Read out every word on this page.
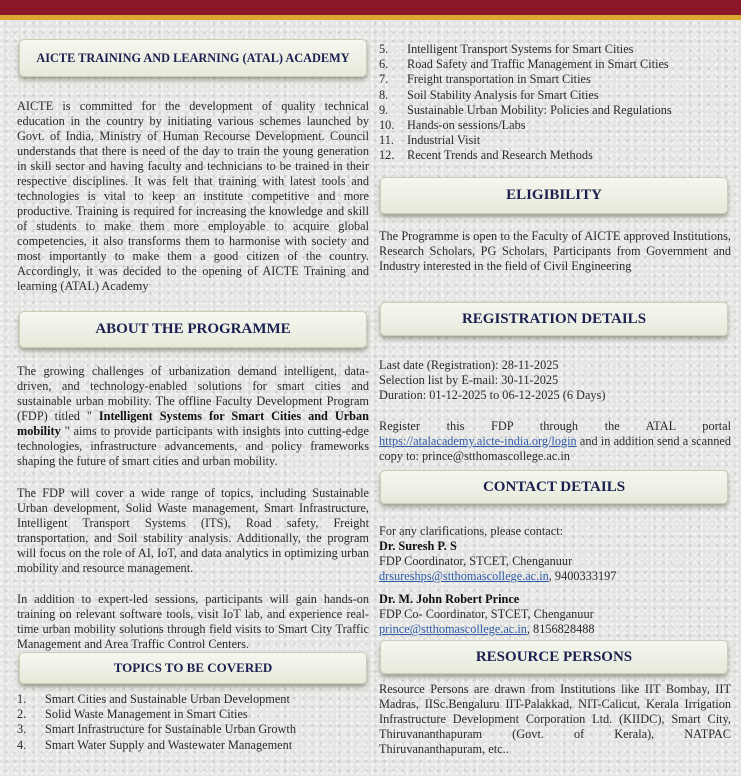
AICTE TRAINING AND LEARNING (ATAL) ACADEMY

AICTE is committed for the development of quality technical education in the country by initiating various schemes launched by Govt. of India, Ministry of Human Recourse Development. Council understands that there is need of the day to train the young generation in skill sector and having faculty and technicians to be trained in their respective disciplines. It was felt that training with latest tools and technologies is vital to keep an institute competitive and more productive. Training is required for increasing the knowledge and skill of students to make them more employable to acquire global competencies, it also transforms them to harmonise with society and most importantly to make them a good citizen of the country. Accordingly, it was decided to the opening of AICTE Training and learning (ATAL) Academy

ABOUT THE PROGRAMME

The growing challenges of urbanization demand intelligent, data-driven, and technology-enabled solutions for smart cities and sustainable urban mobility. The offline Faculty Development Program (FDP) titled " Intelligent Systems for Smart Cities and Urban mobility " aims to provide participants with insights into cutting-edge technologies, infrastructure advancements, and policy frameworks shaping the future of smart cities and urban mobility.

The FDP will cover a wide range of topics, including Sustainable Urban development, Solid Waste management, Smart Infrastructure, Intelligent Transport Systems (ITS), Road safety, Freight transportation, and Soil stability analysis. Additionally, the program will focus on the role of AI, IoT, and data analytics in optimizing urban mobility and resource management.

In addition to expert-led sessions, participants will gain hands-on training on relevant software tools, visit IoT lab, and experience real-time urban mobility solutions through field visits to Smart City Traffic Management and Area Traffic Control Centers.

TOPICS TO BE COVERED
1.	Smart Cities and Sustainable Urban Development
2.	Solid Waste Management in Smart Cities
3.	Smart Infrastructure for Sustainable Urban Growth
4.	Smart Water Supply and Wastewater Management
5.	Intelligent Transport Systems for Smart Cities
6.	Road Safety and Traffic Management in Smart Cities
7.	Freight transportation in Smart Cities
8.	Soil Stability Analysis for Smart Cities
9.	Sustainable Urban Mobility: Policies and Regulations
10.	Hands-on sessions/Labs
11.	Industrial Visit
12.	Recent Trends and Research Methods
ELIGIBILITY

The Programme is open to the Faculty of AICTE approved Institutions, Research Scholars, PG Scholars, Participants from Government and Industry interested in the field of Civil Engineering

REGISTRATION DETAILS
Last date (Registration): 28-11-2025
Selection list by E-mail: 30-11-2025
Duration: 01-12-2025 to 06-12-2025 (6 Days)

Register this FDP through the ATAL portal
https://atalacademy.aicte-india.org/login and in addition send a scanned copy to: prince@stthomascollege.ac.in

CONTACT DETAILS
For any clarifications, please contact:
Dr. Suresh P. S
FDP Coordinator, STCET, Chenganuur
drsureshps@stthomascollege.ac.in, 9400333197
Dr. M. John Robert Prince
FDP Co- Coordinator, STCET, Chenganuur
prince@stthomascollege.ac.in, 8156828488
RESOURCE PERSONS

Resource Persons are drawn from Institutions like IIT Bombay, IIT Madras, IISc.Bengaluru IIT-Palakkad, NIT-Calicut, Kerala Irrigation Infrastructure Development Corporation Ltd. (KIIDC), Smart City, Thiruvananthapuram (Govt. of Kerala), NATPAC Thiruvananthapuram, etc..
